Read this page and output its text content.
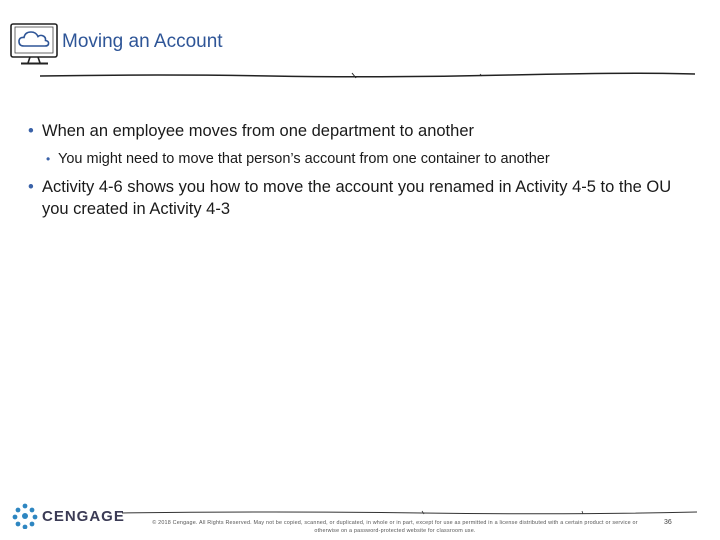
Moving an Account
• When an employee moves from one department to another
• You might need to move that person’s account from one container to another
• Activity 4-6 shows you how to move the account you renamed in Activity 4-5 to the OU you created in Activity 4-3
CENGAGE	© 2018 Cengage. All Rights Reserved. May not be copied, scanned, or duplicated, in whole or in part, except for use as permitted in a license distributed with a certain product or service or otherwise on a password-protected website for classroom use.
36
